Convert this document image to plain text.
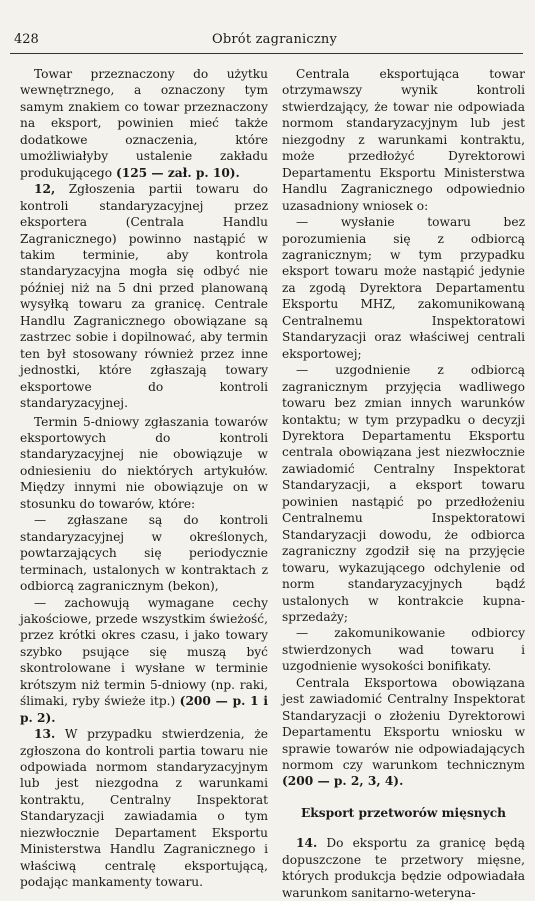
428	Obrót zagraniczny

Towar przeznaczony do użytku wewnętrznego, a oznaczony tym samym znakiem co towar przeznaczony na eksport, powinien mieć także dodatkowe oznaczenia, które umożliwiałyby ustalenie zakładu produkującego (125 — zał. p. 10).

12, Zgłoszenia partii towaru do kontroli standaryzacyjnej przez eksportera (Centrala Handlu Zagranicznego) powinno nastąpić w takim terminie, aby kontrola standaryzacyjna mogła się odbyć nie później niż na 5 dni przed planowaną wysyłką towaru za granicę. Centrale Handlu Zagranicznego obowiązane są zastrzec sobie i dopilnować, aby termin ten był stosowany również przez inne jednostki, które zgłaszają towary eksportowe do kontroli standaryzacyjnej.

Termin 5-dniowy zgłaszania towarów eksportowych do kontroli standaryzacyjnej nie obowiązuje w odniesieniu do niektórych artykułów. Między innymi nie obowiązuje on w stosunku do towarów, które:

— zgłaszane są do kontroli standaryzacyjnej w określonych, powtarzających się periodycznie terminach, ustalonych w kontraktach z odbiorcą zagranicznym (bekon),

— zachowują wymagane cechy jakościowe, przede wszystkim świeżość, przez krótki okres czasu, i jako towary szybko psujące się muszą być skontrolowane i wysłane w terminie krótszym niż termin 5-dniowy (np. raki, ślimaki, ryby świeże itp.) (200 — p. 1 i p. 2).

13. W przypadku stwierdzenia, że zgłoszona do kontroli partia towaru nie odpowiada normom standaryzacyjnym lub jest niezgodna z warunkami kontraktu, Centralny Inspektorat Standaryzacji zawiadamia o tym niezwłocznie Departament Eksportu Ministerstwa Handlu Zagranicznego i właściwą centralę eksportującą, podając mankamenty towaru.

Centrala eksportująca towar otrzymawszy wynik kontroli stwierdzający, że towar nie odpowiada normom standaryzacyjnym lub jest niezgodny z warunkami kontraktu, może przedłożyć Dyrektorowi Departamentu Eksportu Ministerstwa Handlu Zagranicznego odpowiednio uzasadniony wniosek o:

— wysłanie towaru bez porozumienia się z odbiorcą zagranicznym; w tym przypadku eksport towaru może nastąpić jedynie za zgodą Dyrektora Departamentu Eksportu MHZ, zakomunikowaną Centralnemu Inspektoratowi Standaryzacji oraz właściwej centrali eksportowej;

— uzgodnienie z odbiorcą zagranicznym przyjęcia wadliwego towaru bez zmian innych warunków kontaktu; w tym przypadku o decyzji Dyrektora Departamentu Eksportu centrala obowiązana jest niezwłocznie zawiadomić Centralny Inspektorat Standaryzacji, a eksport towaru powinien nastąpić po przedłożeniu Centralnemu Inspektoratowi Standaryzacji dowodu, że odbiorca zagraniczny zgodził się na przyjęcie towaru, wykazującego odchylenie od norm standaryzacyjnych bądź ustalonych w kontrakcie kupna-sprzedaży;

— zakomunikowanie odbiorcy stwierdzonych wad towaru i uzgodnienie wysokości bonifikaty.

Centrala Eksportowa obowiązana jest zawiadomić Centralny Inspektorat Standaryzacji o złożeniu Dyrektorowi Departamentu Eksportu wniosku w sprawie towarów nie odpowiadających normom czy warunkom technicznym (200 — p. 2, 3, 4).

Eksport przetworów mięsnych

14. Do eksportu za granicę będą dopuszczone te przetwory mięsne, których produkcja będzie odpowiadała warunkom sanitarno-weteryna-
